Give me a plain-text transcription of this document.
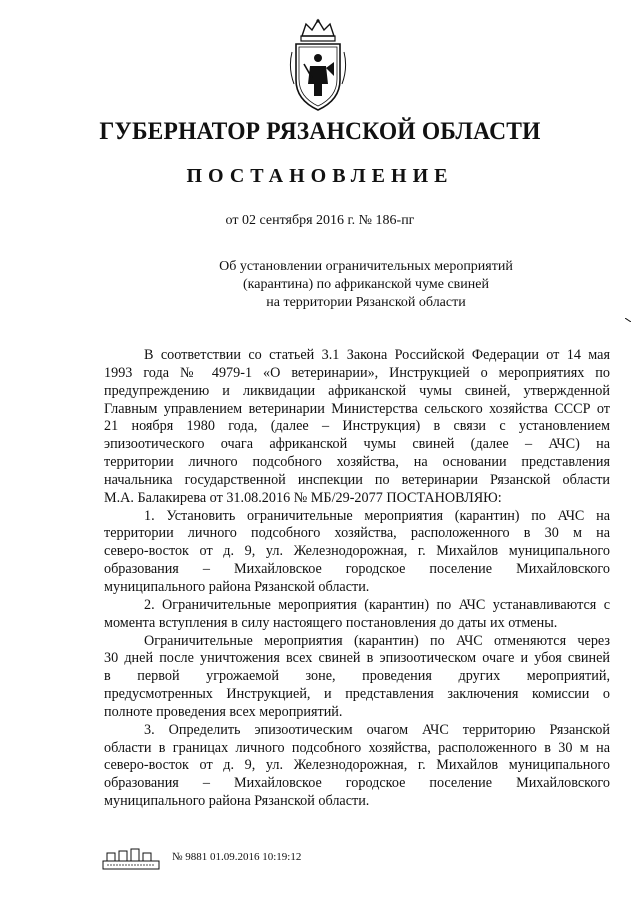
ГУБЕРНАТОР РЯЗАНСКОЙ ОБЛАСТИ
ПОСТАНОВЛЕНИЕ
от 02 сентября 2016 г. № 186-пг
Об установлении ограничительных мероприятий
(карантина) по африканской чуме свиней
на территории Рязанской области
В соответствии со статьей 3.1 Закона Российской Федерации от 14 мая
1993 года № 4979-1 «О ветеринарии», Инструкцией о мероприятиях по
предупреждению и ликвидации африканской чумы свиней, утвержденной
Главным управлением ветеринарии Министерства сельского хозяйства СССР от
21 ноября 1980 года, (далее – Инструкция) в связи с установлением
эпизоотического очага африканской чумы свиней (далее – АЧС) на
территории личного подсобного хозяйства, на основании представления
начальника государственной инспекции по ветеринарии Рязанской области
М.А. Балакирева от 31.08.2016 № МБ/29-2077 ПОСТАНОВЛЯЮ:
1. Установить ограничительные мероприятия (карантин) по АЧС на
территории личного подсобного хозяйства, расположенного в 30 м на
северо-восток от д. 9, ул. Железнодорожная, г. Михайлов муниципального
образования – Михайловское городское поселение Михайловского
муниципального района Рязанской области.
2. Ограничительные мероприятия (карантин) по АЧС устанавливаются с
момента вступления в силу настоящего постановления до даты их отмены.
Ограничительные мероприятия (карантин) по АЧС отменяются через
30 дней после уничтожения всех свиней в эпизоотическом очаге и убоя свиней
в первой угрожаемой зоне, проведения других мероприятий,
предусмотренных Инструкцией, и представления заключения комиссии о
полноте проведения всех мероприятий.
3. Определить эпизоотическим очагом АЧС территорию Рязанской
области в границах личного подсобного хозяйства, расположенного в 30 м на
северо-восток от д. 9, ул. Железнодорожная, г. Михайлов муниципального
образования – Михайловское городское поселение Михайловского
муниципального района Рязанской области.
№ 9881 01.09.2016 10:19:12
